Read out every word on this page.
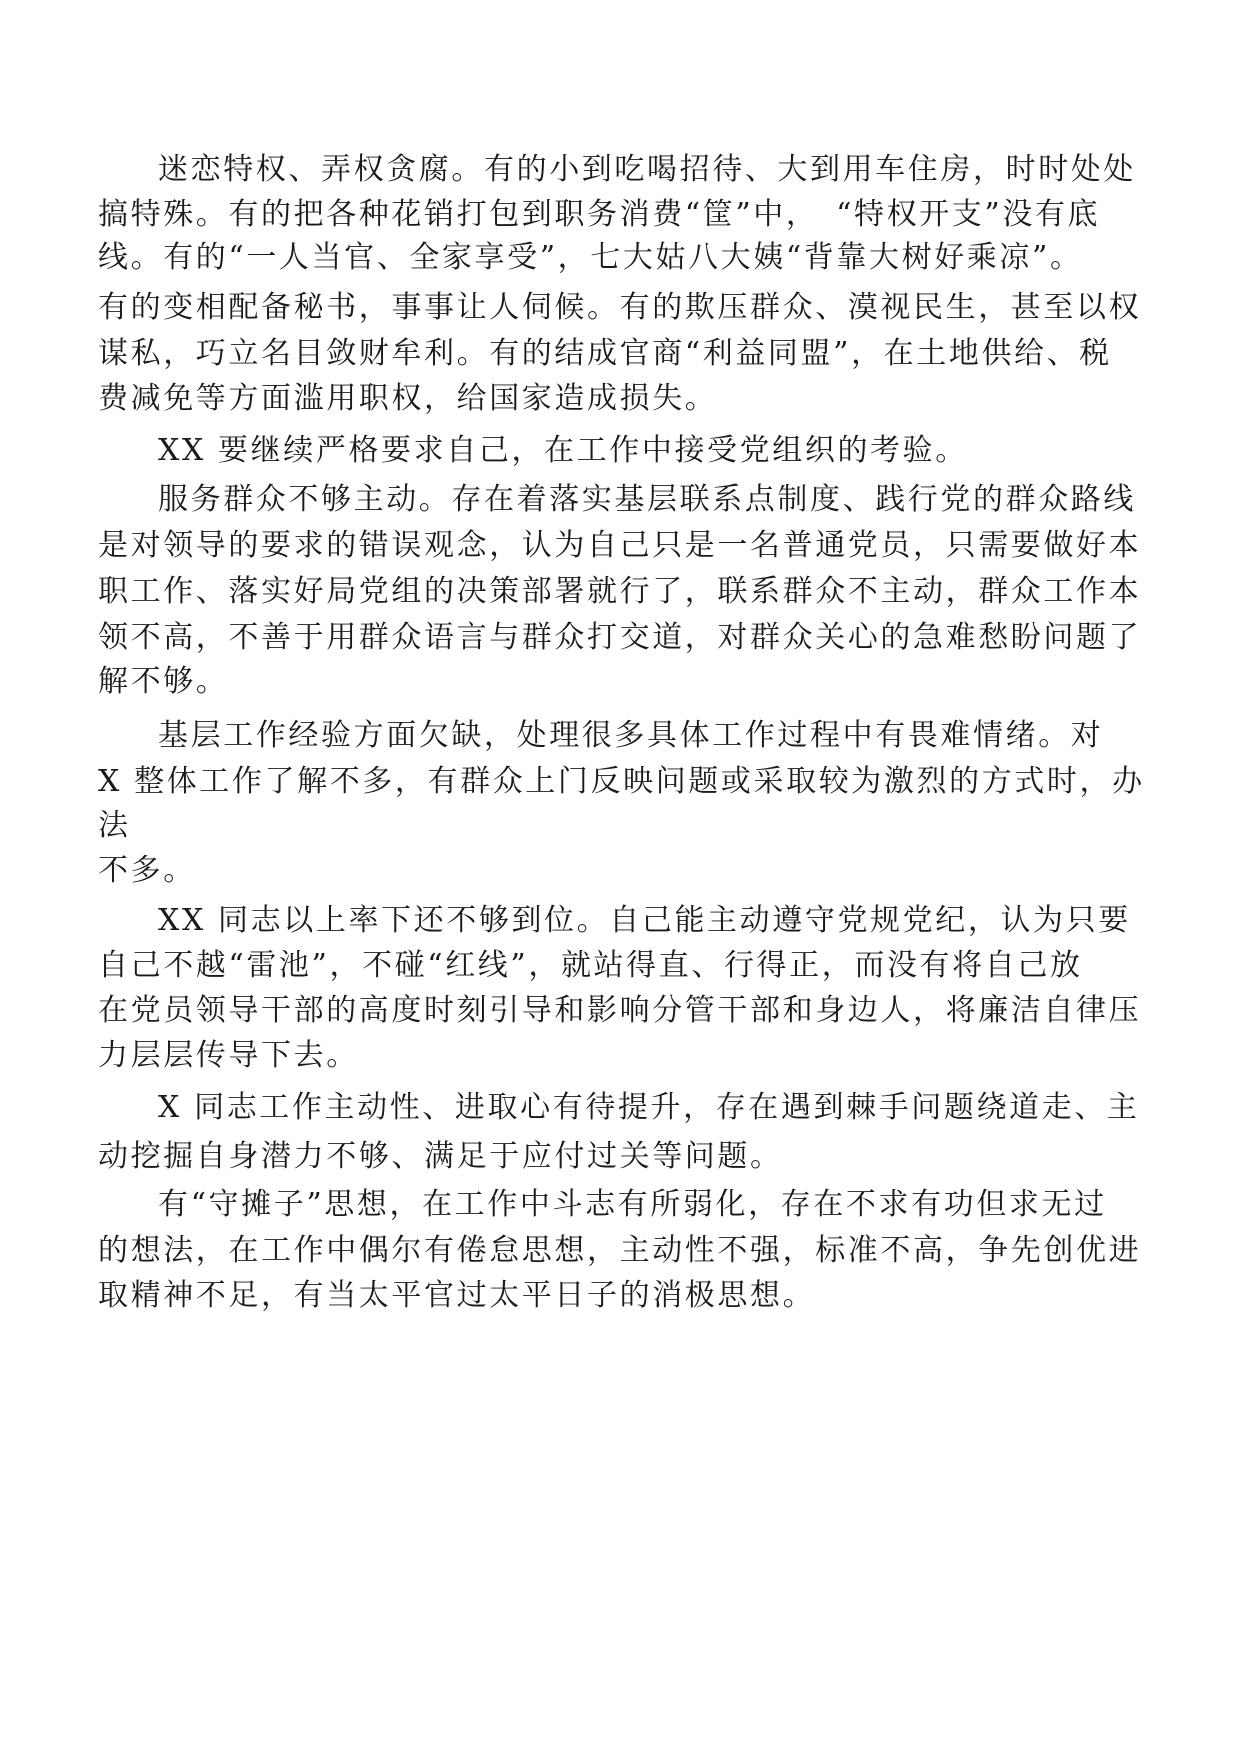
迷恋特权、弄权贪腐。有的小到吃喝招待、大到用车住房，时时处处
搞特殊。有的把各种花销打包到职务消费“筐”中，　“特权开支”没有底
线。有的“一人当官、全家享受”，七大姑八大姨“背靠大树好乘凉”。
有的变相配备秘书，事事让人伺候。有的欺压群众、漠视民生，甚至以权
谋私，巧立名目敛财牟利。有的结成官商“利益同盟”，在土地供给、税
费减免等方面滥用职权，给国家造成损失。
XX 要继续严格要求自己，在工作中接受党组织的考验。
服务群众不够主动。存在着落实基层联系点制度、践行党的群众路线
是对领导的要求的错误观念，认为自己只是一名普通党员，只需要做好本
职工作、落实好局党组的决策部署就行了，联系群众不主动，群众工作本
领不高，不善于用群众语言与群众打交道，对群众关心的急难愁盼问题了
解不够。
基层工作经验方面欠缺，处理很多具体工作过程中有畏难情绪。对
X 整体工作了解不多，有群众上门反映问题或采取较为激烈的方式时，办
法
不多。
XX 同志以上率下还不够到位。自己能主动遵守党规党纪，认为只要
自己不越“雷池”，不碰“红线”，就站得直、行得正，而没有将自己放
在党员领导干部的高度时刻引导和影响分管干部和身边人，将廉洁自律压
力层层传导下去。
X 同志工作主动性、进取心有待提升，存在遇到棘手问题绕道走、主
动挖掘自身潜力不够、满足于应付过关等问题。
有“守摊子”思想，在工作中斗志有所弱化，存在不求有功但求无过
的想法，在工作中偶尔有倦怠思想，主动性不强，标准不高，争先创优进
取精神不足，有当太平官过太平日子的消极思想。
